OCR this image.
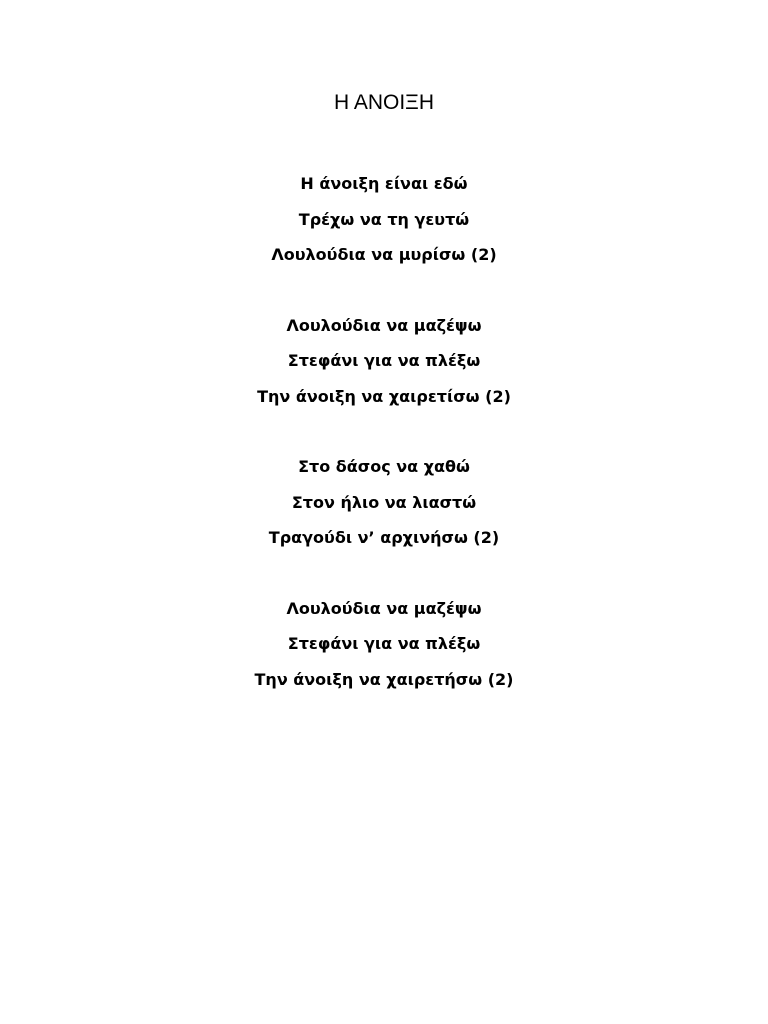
Η ΑΝΟΙΞΗ
Η άνοιξη είναι εδώ
Τρέχω να τη γευτώ
Λουλούδια να μυρίσω (2)
Λουλούδια να μαζέψω
Στεφάνι για να πλέξω
Την άνοιξη να χαιρετίσω (2)
Στο δάσος να χαθώ
Στον ήλιο να λιαστώ
Τραγούδι ν’ αρχινήσω (2)
Λουλούδια να μαζέψω
Στεφάνι για να πλέξω
Την άνοιξη να χαιρετήσω (2)
